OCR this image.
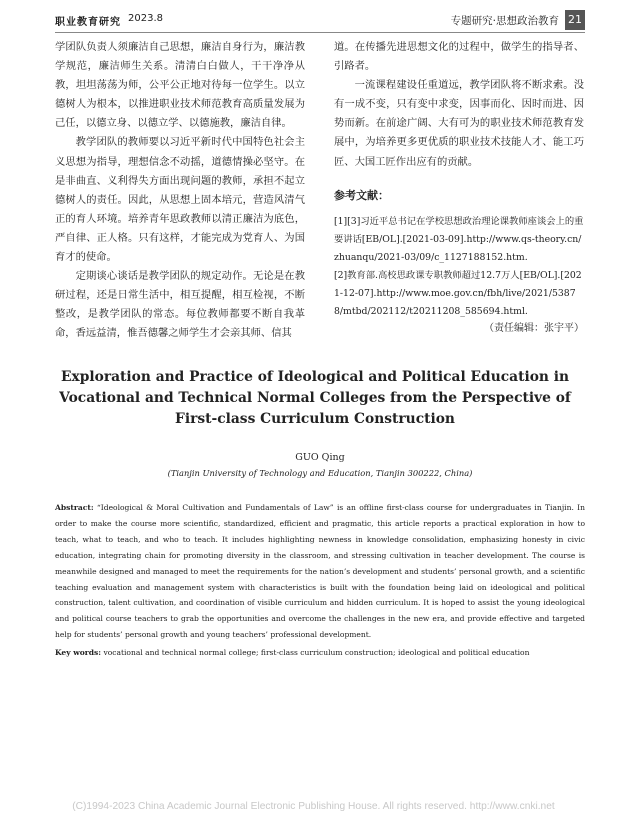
职业教育研究 2023.8	专题研究·思想政治教育 21

学团队负责人须廉洁自己思想，廉洁自身行为，廉洁教学规范，廉洁师生关系。清清白白做人，干干净净从教，坦坦荡荡为师，公平公正地对待每一位学生。以立德树人为根本，以推进职业技术师范教育高质量发展为己任，以德立身、以德立学、以德施教，廉洁自律。

教学团队的教师要以习近平新时代中国特色社会主义思想为指导，理想信念不动摇，道德情操必坚守。在是非曲直、义利得失方面出现问题的教师，承担不起立德树人的责任。因此，从思想上固本培元，营造风清气正的育人环境。培养青年思政教师以清正廉洁为底色，严自律、正人格。只有这样，才能完成为党育人、为国育才的使命。

定期谈心谈话是教学团队的规定动作。无论是在教研过程，还是日常生活中，相互提醒，相互检视，不断整改，是教学团队的常态。每位教师都要不断自我革命，香远益清，惟吾德馨之师学生才会亲其师、信其

道。在传播先进思想文化的过程中，做学生的指导者、引路者。

一流课程建设任重道远，教学团队将不断求索。没有一成不变，只有变中求变，因事而化、因时而进、因势而新。在前途广阔、大有可为的职业技术师范教育发展中，为培养更多更优质的职业技术技能人才、能工巧匠、大国工匠作出应有的贡献。

参考文献：
[1][3]习近平总书记在学校思想政治理论课教师座谈会上的重要讲话[EB/OL].[2021-03-09].http://www.qs-theory.cn/zhuanqu/2021-03/09/c_1127188152.htm.
[2]教育部.高校思政课专职教师超过12.7万人[EB/OL].[2021-12-07].http://www.moe.gov.cn/fbh/live/2021/53878/mtbd/202112/t20211208_585694.html.
（责任编辑：张宇平）
Exploration and Practice of Ideological and Political Education in Vocational and Technical Normal Colleges from the Perspective of First-class Curriculum Construction
GUO Qing
(Tianjin University of Technology and Education, Tianjin 300222, China)
Abstract: “Ideological & Moral Cultivation and Fundamentals of Law” is an offline first-class course for undergraduates in Tianjin. In order to make the course more scientific, standardized, efficient and pragmatic, this article reports a practical exploration in how to teach, what to teach, and who to teach. It includes highlighting newness in knowledge consolidation, emphasizing honesty in civic education, integrating chain for promoting diversity in the classroom, and stressing cultivation in teacher development. The course is meanwhile designed and managed to meet the requirements for the nation’s development and students’ personal growth, and a scientific teaching evaluation and management system with characteristics is built with the foundation being laid on ideological and political construction, talent cultivation, and coordination of visible curriculum and hidden curriculum. It is hoped to assist the young ideological and political course teachers to grab the opportunities and overcome the challenges in the new era, and provide effective and targeted help for students’ personal growth and young teachers’ professional development.
Key words: vocational and technical normal college; first-class curriculum construction; ideological and political education
(C)1994-2023 China Academic Journal Electronic Publishing House. All rights reserved. http://www.cnki.net
